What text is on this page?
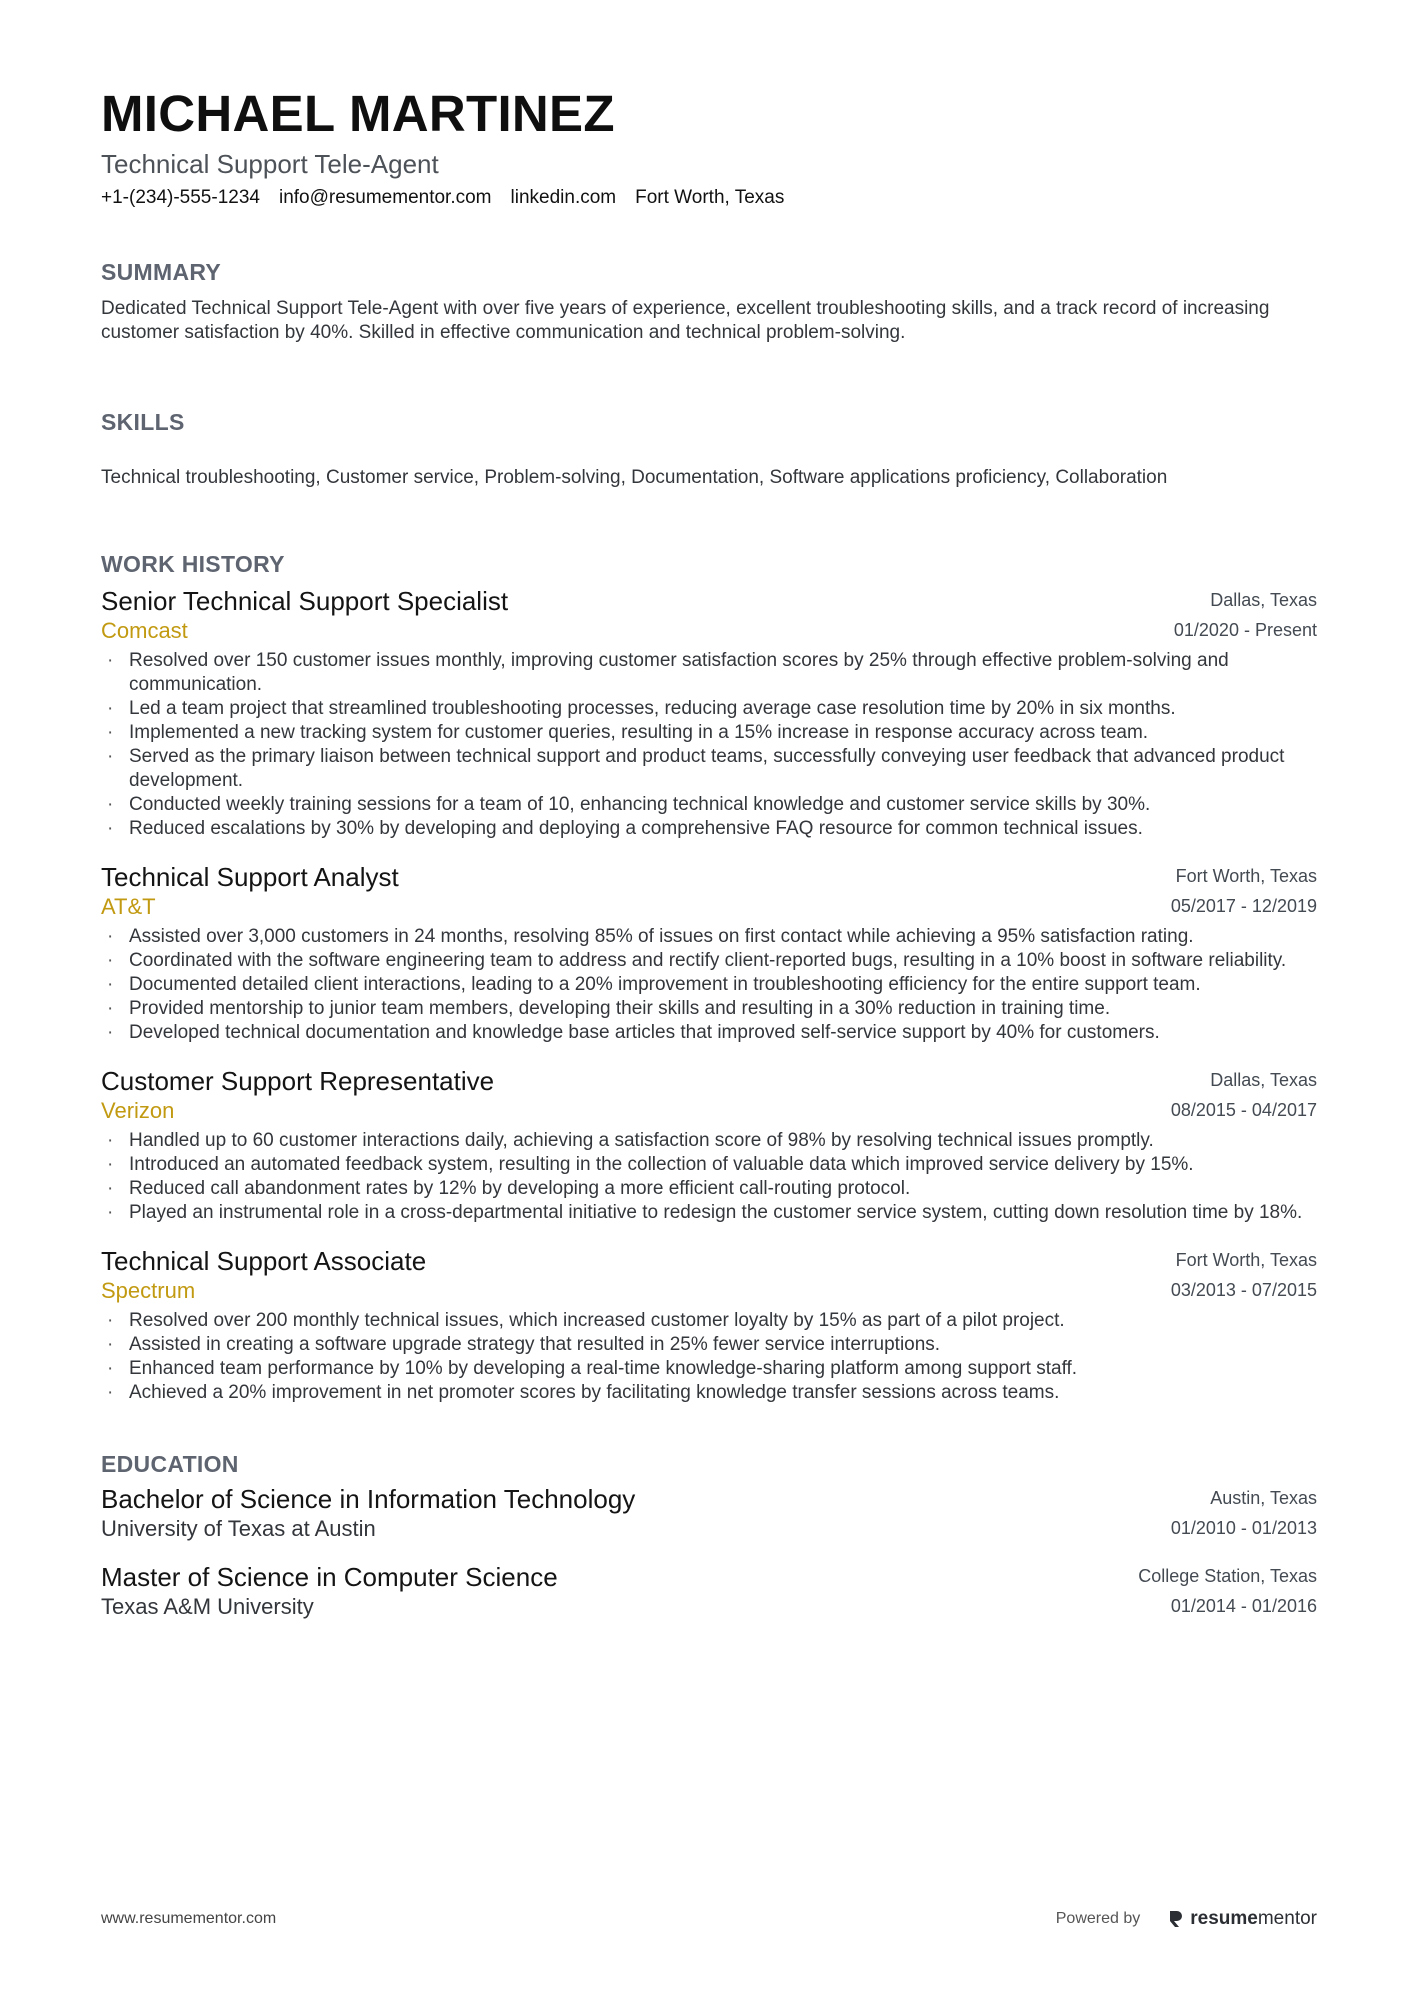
MICHAEL MARTINEZ
Technical Support Tele-Agent
+1-(234)-555-1234 info@resumementor.com linkedin.com Fort Worth, Texas
SUMMARY
Dedicated Technical Support Tele-Agent with over five years of experience, excellent troubleshooting skills, and a track record of increasing customer satisfaction by 40%. Skilled in effective communication and technical problem-solving.
SKILLS
Technical troubleshooting, Customer service, Problem-solving, Documentation, Software applications proficiency, Collaboration
WORK HISTORY
Senior Technical Support Specialist
Comcast
Dallas, Texas
01/2020 - Present
· Resolved over 150 customer issues monthly, improving customer satisfaction scores by 25% through effective problem-solving and communication.
· Led a team project that streamlined troubleshooting processes, reducing average case resolution time by 20% in six months.
· Implemented a new tracking system for customer queries, resulting in a 15% increase in response accuracy across team.
· Served as the primary liaison between technical support and product teams, successfully conveying user feedback that advanced product development.
· Conducted weekly training sessions for a team of 10, enhancing technical knowledge and customer service skills by 30%.
· Reduced escalations by 30% by developing and deploying a comprehensive FAQ resource for common technical issues.
Technical Support Analyst
AT&T
Fort Worth, Texas
05/2017 - 12/2019
· Assisted over 3,000 customers in 24 months, resolving 85% of issues on first contact while achieving a 95% satisfaction rating.
· Coordinated with the software engineering team to address and rectify client-reported bugs, resulting in a 10% boost in software reliability.
· Documented detailed client interactions, leading to a 20% improvement in troubleshooting efficiency for the entire support team.
· Provided mentorship to junior team members, developing their skills and resulting in a 30% reduction in training time.
· Developed technical documentation and knowledge base articles that improved self-service support by 40% for customers.
Customer Support Representative
Verizon
Dallas, Texas
08/2015 - 04/2017
· Handled up to 60 customer interactions daily, achieving a satisfaction score of 98% by resolving technical issues promptly.
· Introduced an automated feedback system, resulting in the collection of valuable data which improved service delivery by 15%.
· Reduced call abandonment rates by 12% by developing a more efficient call-routing protocol.
· Played an instrumental role in a cross-departmental initiative to redesign the customer service system, cutting down resolution time by 18%.
Technical Support Associate
Spectrum
Fort Worth, Texas
03/2013 - 07/2015
· Resolved over 200 monthly technical issues, which increased customer loyalty by 15% as part of a pilot project.
· Assisted in creating a software upgrade strategy that resulted in 25% fewer service interruptions.
· Enhanced team performance by 10% by developing a real-time knowledge-sharing platform among support staff.
· Achieved a 20% improvement in net promoter scores by facilitating knowledge transfer sessions across teams.
EDUCATION
Bachelor of Science in Information Technology
University of Texas at Austin
Austin, Texas
01/2010 - 01/2013
Master of Science in Computer Science
Texas A&M University
College Station, Texas
01/2014 - 01/2016
www.resumementor.com	Powered by	resumementor
